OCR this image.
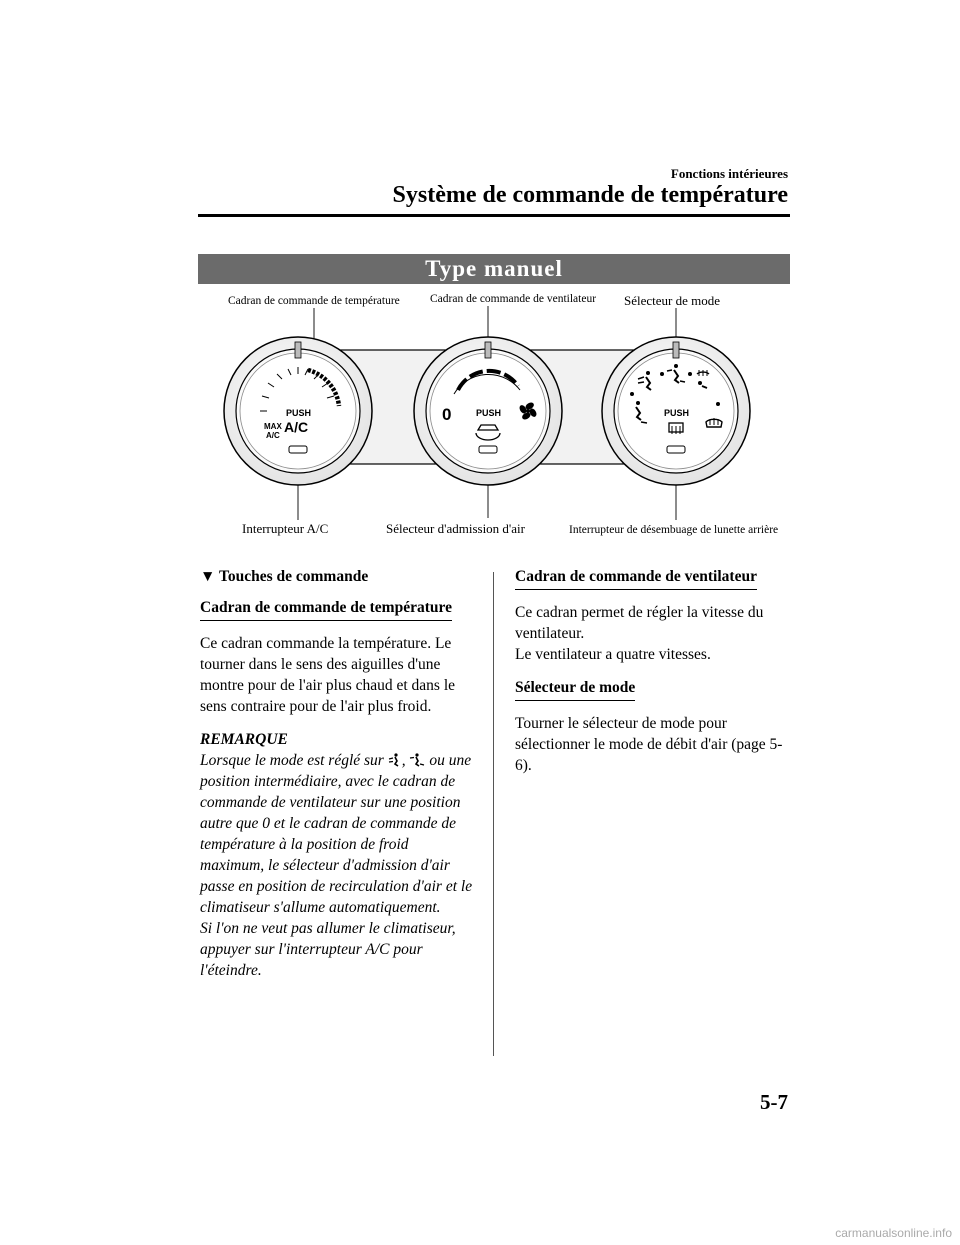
Fonctions intérieures
Système de commande de température
Type manuel
PUSH
A/C
MAX
A/C
0	PUSH	PUSH
Cadran de commande de température	Cadran de commande de ventilateur Sélecteur de mode
Interrupteur A/C	Sélecteur d'admission d'air	Interrupteur de désembuage de lunette arrière
▼ Touches de commande
Cadran de commande de température

Ce cadran commande la température. Le tourner dans le sens des aiguilles d'une montre pour de l'air plus chaud et dans le sens contraire pour de l'air plus froid.

REMARQUE

Lorsque le mode est réglé sur , ou une position intermédiaire, avec le cadran de commande de ventilateur sur une position autre que 0 et le cadran de commande de température à la position de froid maximum, le sélecteur d'admission d'air passe en position de recirculation d'air et le climatiseur s'allume automatiquement.

Si l'on ne veut pas allumer le climatiseur, appuyer sur l'interrupteur A/C pour l'éteindre.

Cadran de commande de ventilateur

Ce cadran permet de régler la vitesse du ventilateur.

Le ventilateur a quatre vitesses.

Sélecteur de mode

Tourner le sélecteur de mode pour sélectionner le mode de débit d'air (page 5-6).

5-7
carmanualsonline.info
